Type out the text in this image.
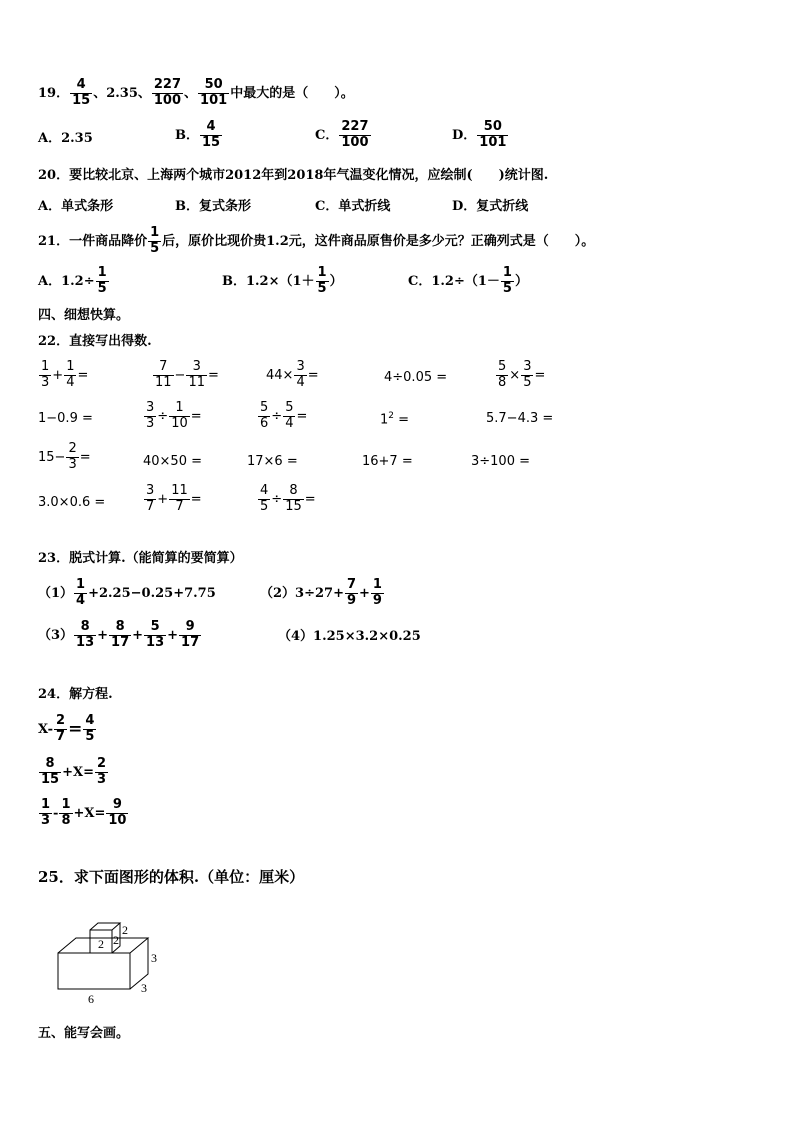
19． $\frac{4}{15}$ 、 2.35 、 $\frac{227}{100}$ 、 $\frac{50}{101}$ 中最大的是（　　）。
A．2.35	B． $\frac{4}{15}$	C． $\frac{227}{100}$	D． $\frac{50}{101}$
20．要比较北京、上海两个城市2012年到2018年气温变化情况，应绘制(　　)统计图.
A．单式条形	B．复式条形	C．单式折线	D．复式折线
21．一件商品降价 $\frac{1}{5}$ 后，原价比现价贵1.2元，这件商品原售价是多少元？正确列式是（　　）。
A．$1.2\div \frac{1}{5}$	B．$1.2\times(1+ \frac{1}{5}$ ）	C．$1.2\div(1- \frac{1}{5}$ ）
四、细想快算。
22．直接写出得数.
$\frac{1}{3} + \frac{1}{4}$ =	$\frac{7}{11} - \frac{3}{11}$ =	$44\times \frac{3}{4}$ =	4÷0.05 =	$\frac{5}{8} \times \frac{3}{5}$ =
1−0.9 =	$\frac{3}{3} \div \frac{1}{10}$ =	$\frac{5}{6} \div \frac{5}{4}$ =	$1^2$ =	5.7−4.3 =
$15- \frac{2}{3}$ =	40×50 =	17×6 =	16+7 =	3÷100 =
3.0×0.6 =	$\frac{3}{7} + \frac{11}{7}$ =	$\frac{4}{5} \div \frac{8}{15}$ =
23．脱式计算.（能简算的要简算）
$(1) \frac{1}{4} +2.25-0.25+7.75$	$(2)3\div 27+ \frac{7}{9} + \frac{1}{9}$
$(3) \frac{8}{13} + \frac{8}{17} + \frac{5}{13} + \frac{9}{17}$	（4）1.25×3.2×0.25
24．解方程.
$X- \frac{2}{7} = \frac{4}{5}$
$\frac{8}{15} +X= \frac{2}{3}$
$\frac{1}{3} - \frac{1}{8} +X= \frac{9}{10}$
25．求下面图形的体积.（单位：厘米）
2 2
2
3
6
3
五、能写会画。
